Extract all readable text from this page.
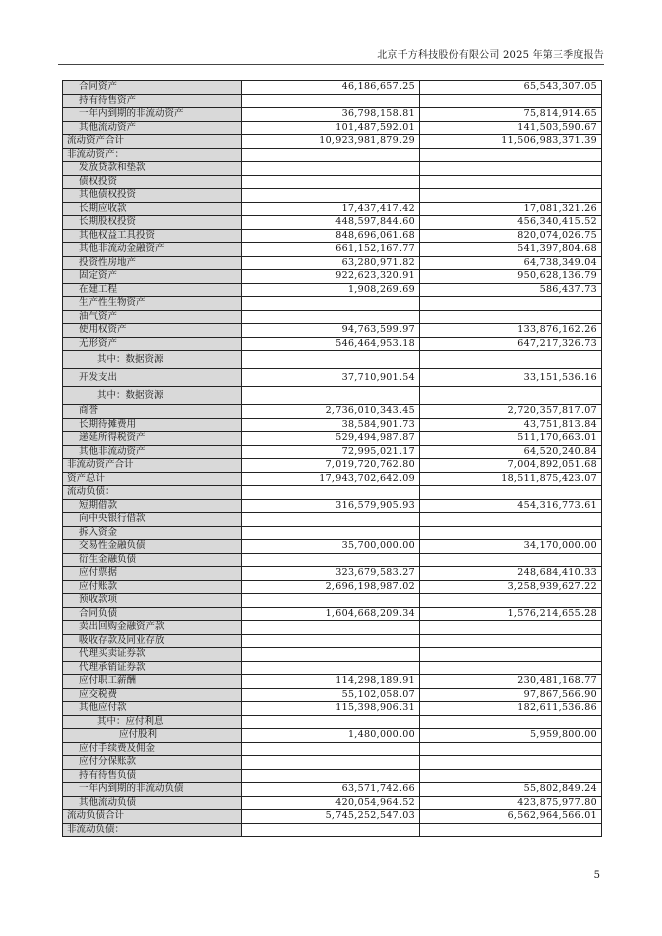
北京千方科技股份有限公司 2025 年第三季度报告
合同资产	46,186,657.25	65,543,307.05
持有待售资产		
一年内到期的非流动资产	36,798,158.81	75,814,914.65
其他流动资产	101,487,592.01	141,503,590.67
流动资产合计	10,923,981,879.29	11,506,983,371.39
非流动资产：		
发放贷款和垫款		
债权投资		
其他债权投资		
长期应收款	17,437,417.42	17,081,321.26
长期股权投资	448,597,844.60	456,340,415.52
其他权益工具投资	848,696,061.68	820,074,026.75
其他非流动金融资产	661,152,167.77	541,397,804.68
投资性房地产	63,280,971.82	64,738,349.04
固定资产	922,623,320.91	950,628,136.79
在建工程	1,908,269.69	586,437.73
生产性生物资产		
油气资产		
使用权资产	94,763,599.97	133,876,162.26
无形资产	546,464,953.18	647,217,326.73
其中：数据资源		
开发支出	37,710,901.54	33,151,536.16
其中：数据资源		
商誉	2,736,010,343.45	2,720,357,817.07
长期待摊费用	38,584,901.73	43,751,813.84
递延所得税资产	529,494,987.87	511,170,663.01
其他非流动资产	72,995,021.17	64,520,240.84
非流动资产合计	7,019,720,762.80	7,004,892,051.68
资产总计	17,943,702,642.09	18,511,875,423.07
流动负债：		
短期借款	316,579,905.93	454,316,773.61
向中央银行借款		
拆入资金		
交易性金融负债	35,700,000.00	34,170,000.00
衍生金融负债		
应付票据	323,679,583.27	248,684,410.33
应付账款	2,696,198,987.02	3,258,939,627.22
预收款项		
合同负债	1,604,668,209.34	1,576,214,655.28
卖出回购金融资产款		
吸收存款及同业存放		
代理买卖证券款		
代理承销证券款		
应付职工薪酬	114,298,189.91	230,481,168.77
应交税费	55,102,058.07	97,867,566.90
其他应付款	115,398,906.31	182,611,536.86
其中：应付利息		
应付股利	1,480,000.00	5,959,800.00
应付手续费及佣金		
应付分保账款		
持有待售负债		
一年内到期的非流动负债	63,571,742.66	55,802,849.24
其他流动负债	420,054,964.52	423,875,977.80
流动负债合计	5,745,252,547.03	6,562,964,566.01
非流动负债：		
5
